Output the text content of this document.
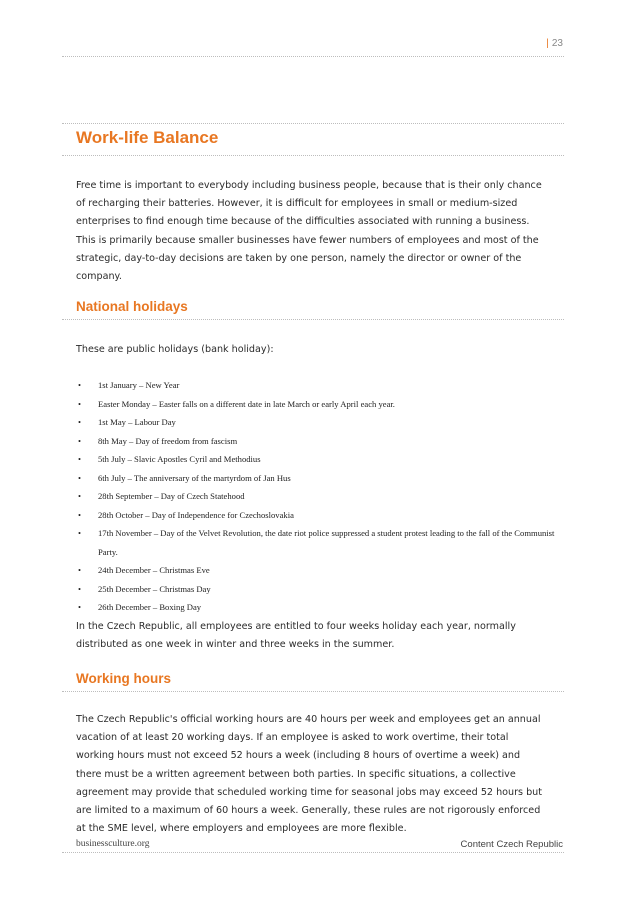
| 23
Work-life Balance

Free time is important to everybody including business people, because that is their only chance of recharging their batteries. However, it is difficult for employees in small or medium-sized enterprises to find enough time because of the difficulties associated with running a business. This is primarily because smaller businesses have fewer numbers of employees and most of the strategic, day-to-day decisions are taken by one person, namely the director or owner of the company.

National holidays

These are public holidays (bank holiday):

• 1st January – New Year
• Easter Monday – Easter falls on a different date in late March or early April each year.
• 1st May – Labour Day
• 8th May – Day of freedom from fascism
• 5th July – Slavic Apostles Cyril and Methodius
• 6th July – The anniversary of the martyrdom of Jan Hus
• 28th September – Day of Czech Statehood
• 28th October – Day of Independence for Czechoslovakia
• 17th November – Day of the Velvet Revolution, the date riot police suppressed a student protest leading to the fall of the Communist Party.
• 24th December – Christmas Eve
• 25th December – Christmas Day
• 26th December – Boxing Day

In the Czech Republic, all employees are entitled to four weeks holiday each year, normally distributed as one week in winter and three weeks in the summer.

Working hours

The Czech Republic's official working hours are 40 hours per week and employees get an annual vacation of at least 20 working days. If an employee is asked to work overtime, their total working hours must not exceed 52 hours a week (including 8 hours of overtime a week) and there must be a written agreement between both parties. In specific situations, a collective agreement may provide that scheduled working time for seasonal jobs may exceed 52 hours but are limited to a maximum of 60 hours a week. Generally, these rules are not rigorously enforced at the SME level, where employers and employees are more flexible.

businessculture.org	Content Czech Republic
